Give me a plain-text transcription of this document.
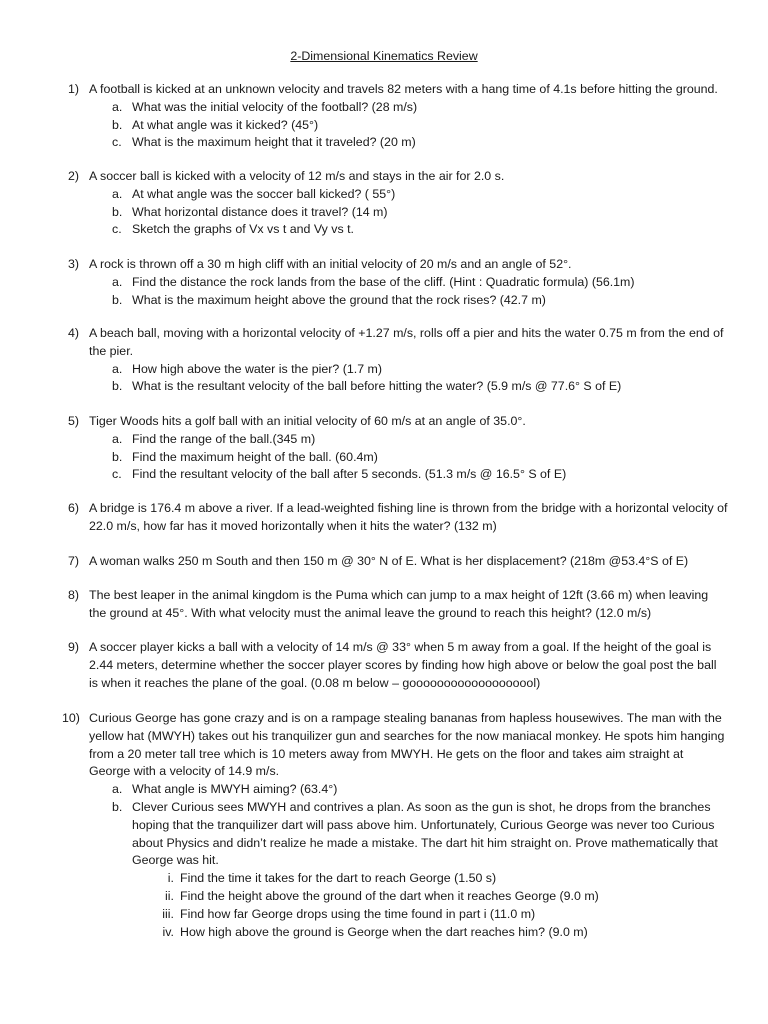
2-Dimensional Kinematics Review
1) A football is kicked at an unknown velocity and travels 82 meters with a hang time of 4.1s before hitting the ground.
a. What was the initial velocity of the football? (28 m/s)
b. At what angle was it kicked? (45°)
c. What is the maximum height that it traveled? (20 m)
2) A soccer ball is kicked with a velocity of 12 m/s and stays in the air for 2.0 s.
a. At what angle was the soccer ball kicked? ( 55°)
b. What horizontal distance does it travel? (14 m)
c. Sketch the graphs of Vx vs t and Vy vs t.
3) A rock is thrown off a 30 m high cliff with an initial velocity of 20 m/s and an angle of 52°.
a. Find the distance the rock lands from the base of the cliff. (Hint : Quadratic formula) (56.1m)
b. What is the maximum height above the ground that the rock rises? (42.7 m)
4) A beach ball, moving with a horizontal velocity of +1.27 m/s, rolls off a pier and hits the water 0.75 m from the end of the pier.
a. How high above the water is the pier? (1.7 m)
b. What is the resultant velocity of the ball before hitting the water? (5.9 m/s @ 77.6° S of E)
5) Tiger Woods hits a golf ball with an initial velocity of 60 m/s at an angle of 35.0°.
a. Find the range of the ball.(345 m)
b. Find the maximum height of the ball. (60.4m)
c. Find the resultant velocity of the ball after 5 seconds. (51.3 m/s @ 16.5° S of E)
6) A bridge is 176.4 m above a river. If a lead-weighted fishing line is thrown from the bridge with a horizontal velocity of 22.0 m/s, how far has it moved horizontally when it hits the water? (132 m)
7) A woman walks 250 m South and then 150 m @ 30° N of E. What is her displacement? (218m @53.4°S of E)
8) The best leaper in the animal kingdom is the Puma which can jump to a max height of 12ft (3.66 m) when leaving the ground at 45°. With what velocity must the animal leave the ground to reach this height? (12.0 m/s)
9) A soccer player kicks a ball with a velocity of 14 m/s @ 33° when 5 m away from a goal. If the height of the goal is 2.44 meters, determine whether the soccer player scores by finding how high above or below the goal post the ball is when it reaches the plane of the goal. (0.08 m below – gooooooooooooooooool)
10) Curious George has gone crazy and is on a rampage stealing bananas from hapless housewives. The man with the yellow hat (MWYH) takes out his tranquilizer gun and searches for the now maniacal monkey. He spots him hanging from a 20 meter tall tree which is 10 meters away from MWYH. He gets on the floor and takes aim straight at George with a velocity of 14.9 m/s.
a. What angle is MWYH aiming? (63.4°)
b. Clever Curious sees MWYH and contrives a plan. As soon as the gun is shot, he drops from the branches hoping that the tranquilizer dart will pass above him. Unfortunately, Curious George was never too Curious about Physics and didn’t realize he made a mistake. The dart hit him straight on. Prove mathematically that George was hit.
i. Find the time it takes for the dart to reach George (1.50 s)
ii. Find the height above the ground of the dart when it reaches George (9.0 m)
iii. Find how far George drops using the time found in part i (11.0 m)
iv. How high above the ground is George when the dart reaches him? (9.0 m)
